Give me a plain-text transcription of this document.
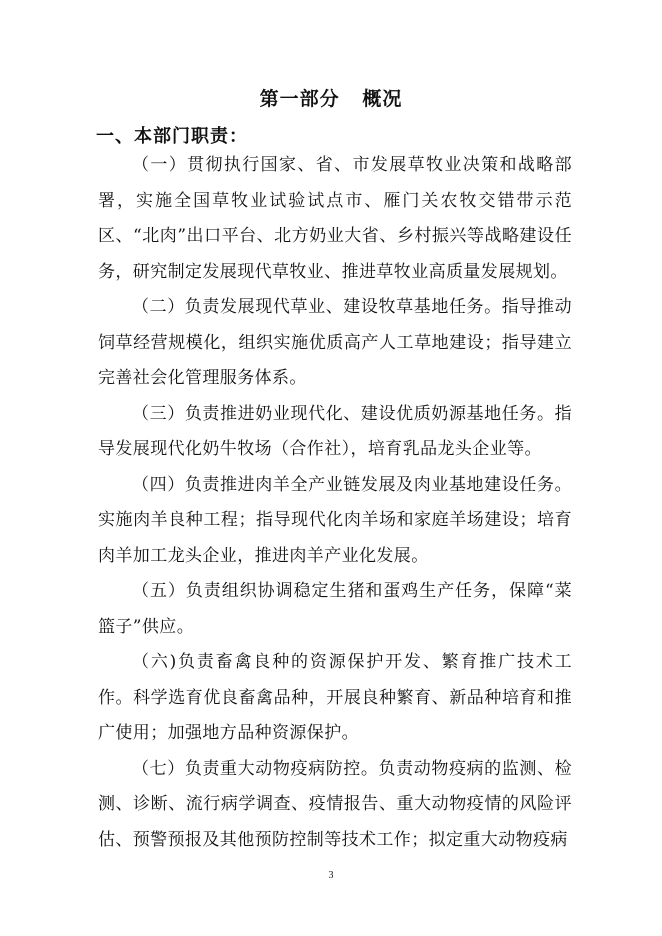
第一部分   概况
一、本部门职责：

（一）贯彻执行国家、省、市发展草牧业决策和战略部署，实施全国草牧业试验试点市、雁门关农牧交错带示范区、“北肉”出口平台、北方奶业大省、乡村振兴等战略建设任务，研究制定发展现代草牧业、推进草牧业高质量发展规划。

（二）负责发展现代草业、建设牧草基地任务。指导推动饲草经营规模化，组织实施优质高产人工草地建设；指导建立完善社会化管理服务体系。

（三）负责推进奶业现代化、建设优质奶源基地任务。指导发展现代化奶牛牧场（合作社），培育乳品龙头企业等。

（四）负责推进肉羊全产业链发展及肉业基地建设任务。实施肉羊良种工程；指导现代化肉羊场和家庭羊场建设；培育肉羊加工龙头企业，推进肉羊产业化发展。

（五）负责组织协调稳定生猪和蛋鸡生产任务，保障“菜篮子”供应。

（六)负责畜禽良种的资源保护开发、繁育推广技术工作。科学选育优良畜禽品种，开展良种繁育、新品种培育和推广使用；加强地方品种资源保护。

（七）负责重大动物疫病防控。负责动物疫病的监测、检测、诊断、流行病学调查、疫情报告、重大动物疫情的风险评估、预警预报及其他预防控制等技术工作；拟定重大动物疫病

3
